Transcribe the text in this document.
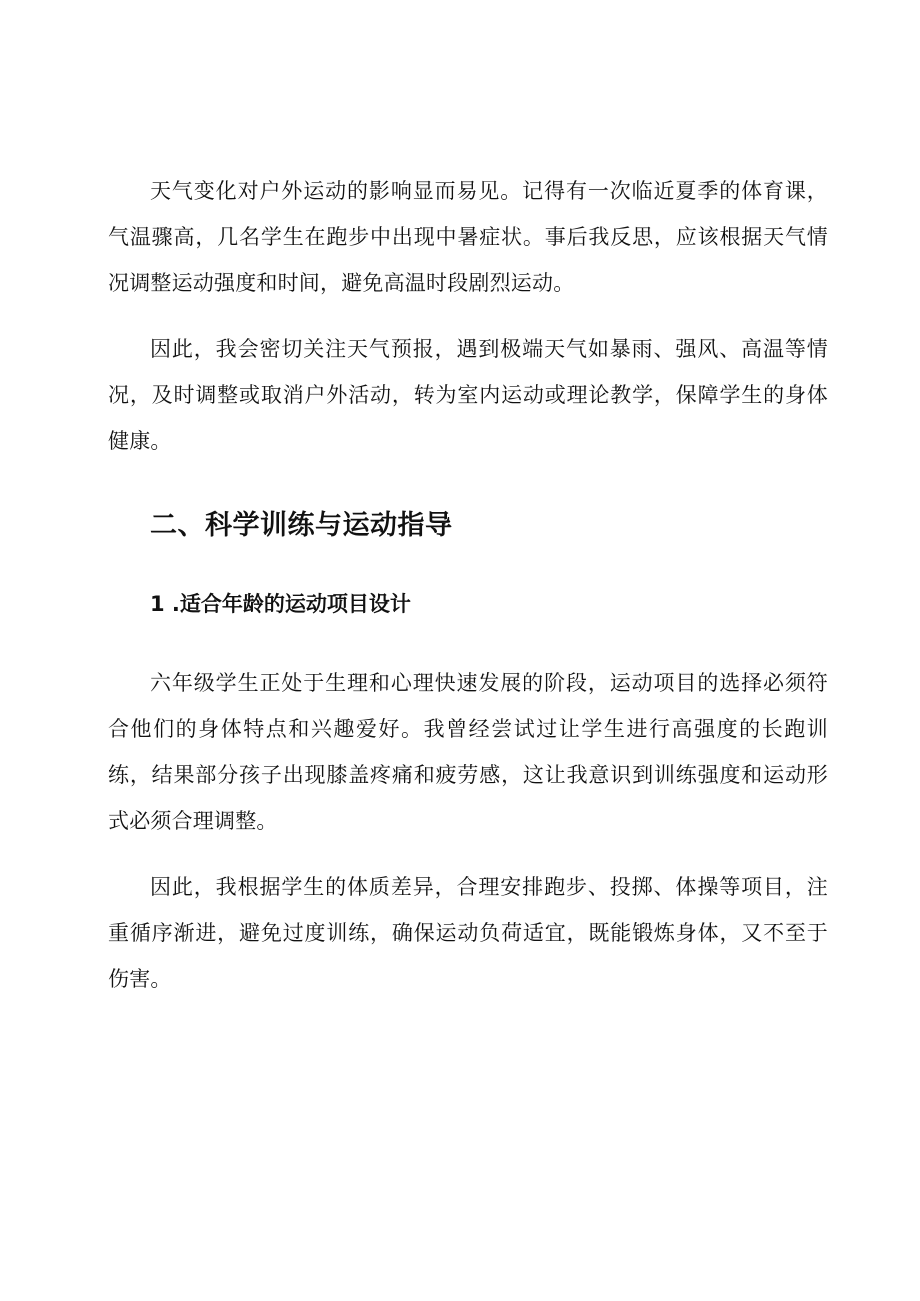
天气变化对户外运动的影响显而易见。记得有一次临近夏季的体育课，气温骤高，几名学生在跑步中出现中暑症状。事后我反思，应该根据天气情况调整运动强度和时间，避免高温时段剧烈运动。

因此，我会密切关注天气预报，遇到极端天气如暴雨、强风、高温等情况，及时调整或取消户外活动，转为室内运动或理论教学，保障学生的身体健康。

二、科学训练与运动指导
1 .适合年龄的运动项目设计

六年级学生正处于生理和心理快速发展的阶段，运动项目的选择必须符合他们的身体特点和兴趣爱好。我曾经尝试过让学生进行高强度的长跑训练，结果部分孩子出现膝盖疼痛和疲劳感，这让我意识到训练强度和运动形式必须合理调整。

因此，我根据学生的体质差异，合理安排跑步、投掷、体操等项目，注重循序渐进，避免过度训练，确保运动负荷适宜，既能锻炼身体，又不至于伤害。
